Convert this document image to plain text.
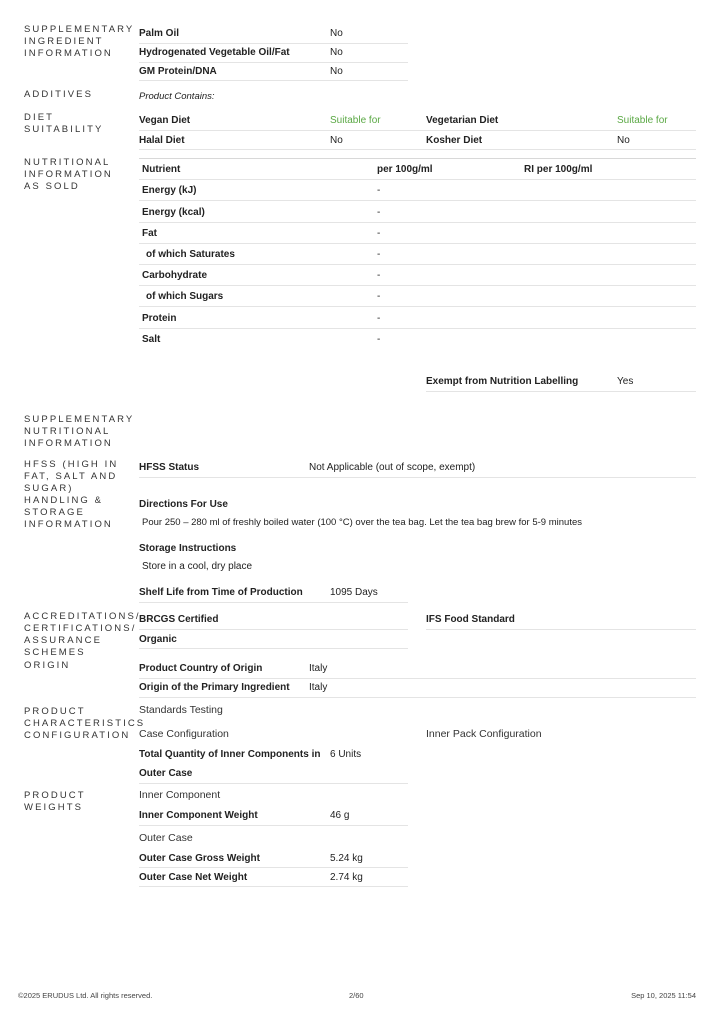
SUPPLEMENTARY INGREDIENT INFORMATION
ADDITIVES
DIET SUITABILITY
NUTRITIONAL INFORMATION AS SOLD
SUPPLEMENTARY NUTRITIONAL INFORMATION
HFSS (HIGH IN FAT, SALT AND SUGAR)
HANDLING & STORAGE INFORMATION
ACCREDITATIONS/ CERTIFICATIONS/ ASSURANCE SCHEMES
ORIGIN
PRODUCT CHARACTERISTICS
CONFIGURATION
PRODUCT WEIGHTS
Palm Oil	No
Hydrogenated Vegetable Oil/Fat	No
GM Protein/DNA	No
Product Contains:
Vegan Diet	Suitable for	Vegetarian Diet	Suitable for
Halal Diet	No	Kosher Diet	No
Nutrient	per 100g/ml	RI per 100g/ml
Energy (kJ)	-
Energy (kcal)	-
Fat	-
of which Saturates	-
Carbohydrate	-
of which Sugars	-
Protein	-
Salt	-
Exempt from Nutrition Labelling	Yes
HFSS Status	Not Applicable (out of scope, exempt)
Directions For Use
Pour 250 – 280 ml of freshly boiled water (100 °C) over the tea bag. Let the tea bag brew for 5-9 minutes
Storage Instructions
Store in a cool, dry place
Shelf Life from Time of Production	1095 Days
BRCGS Certified	IFS Food Standard
Organic
Product Country of Origin	Italy
Origin of the Primary Ingredient Italy
Standards Testing
Case Configuration	Inner Pack Configuration
Total Quantity of Inner Components in
Outer Case
6 Units
Inner Component
Inner Component Weight	46 g
Outer Case
Outer Case Gross Weight	5.24 kg
Outer Case Net Weight	2.74 kg
©2025 ERUDUS Ltd. All rights reserved.	2/60	Sep 10, 2025 11:54
